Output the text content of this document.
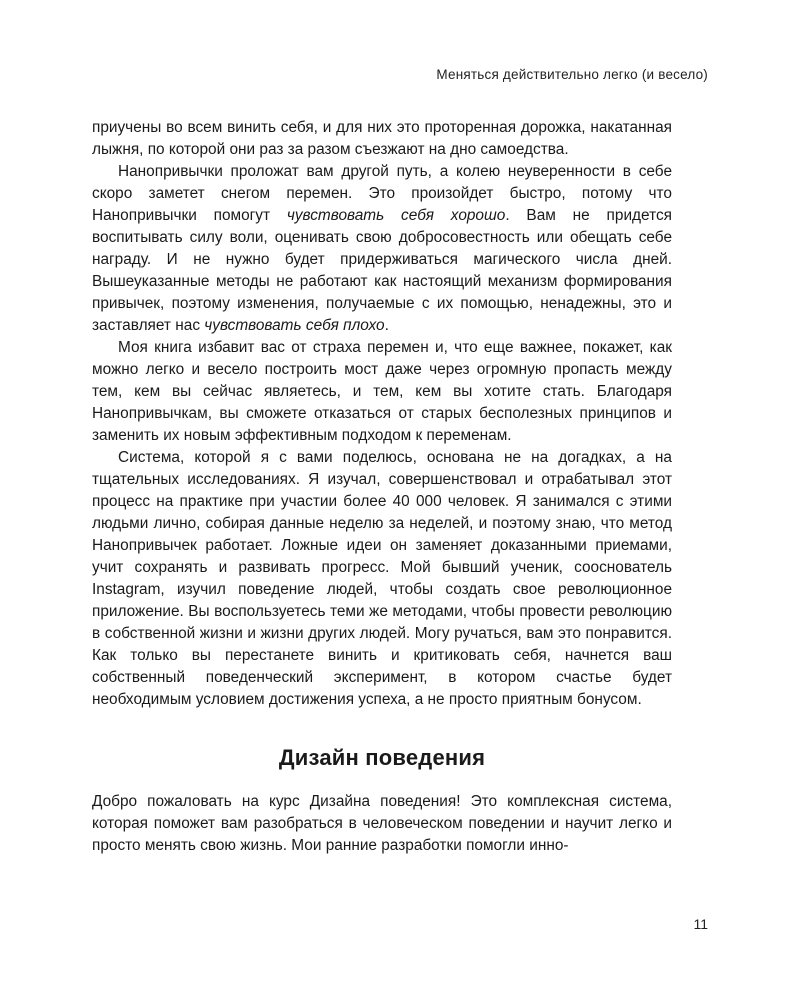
Меняться действительно легко (и весело)

приучены во всем винить себя, и для них это проторенная дорожка, накатанная лыжня, по которой они раз за разом съезжают на дно самоедства.

Нанопривычки проложат вам другой путь, а колею неуверенности в себе скоро заметет снегом перемен. Это произойдет быстро, потому что Нанопривычки помогут чувствовать себя хорошо. Вам не придется воспитывать силу воли, оценивать свою добросовестность или обещать себе награду. И не нужно будет придерживаться магического числа дней. Вышеуказанные методы не работают как настоящий механизм формирования привычек, поэтому изменения, получаемые с их помощью, ненадежны, это и заставляет нас чувствовать себя плохо.

Моя книга избавит вас от страха перемен и, что еще важнее, покажет, как можно легко и весело построить мост даже через огромную пропасть между тем, кем вы сейчас являетесь, и тем, кем вы хотите стать. Благодаря Нанопривычкам, вы сможете отказаться от старых бесполезных принципов и заменить их новым эффективным подходом к переменам.

Система, которой я с вами поделюсь, основана не на догадках, а на тщательных исследованиях. Я изучал, совершенствовал и отрабатывал этот процесс на практике при участии более 40 000 человек. Я занимался с этими людьми лично, собирая данные неделю за неделей, и поэтому знаю, что метод Нанопривычек работает. Ложные идеи он заменяет доказанными приемами, учит сохранять и развивать прогресс. Мой бывший ученик, сооснователь Instagram, изучил поведение людей, чтобы создать свое революционное приложение. Вы воспользуетесь теми же методами, чтобы провести революцию в собственной жизни и жизни других людей. Могу ручаться, вам это понравится. Как только вы перестанете винить и критиковать себя, начнется ваш собственный поведенческий эксперимент, в котором счастье будет необходимым условием достижения успеха, а не просто приятным бонусом.

Дизайн поведения

Добро пожаловать на курс Дизайна поведения! Это комплексная система, которая поможет вам разобраться в человеческом поведении и научит легко и просто менять свою жизнь. Мои ранние разработки помогли инно-

11
